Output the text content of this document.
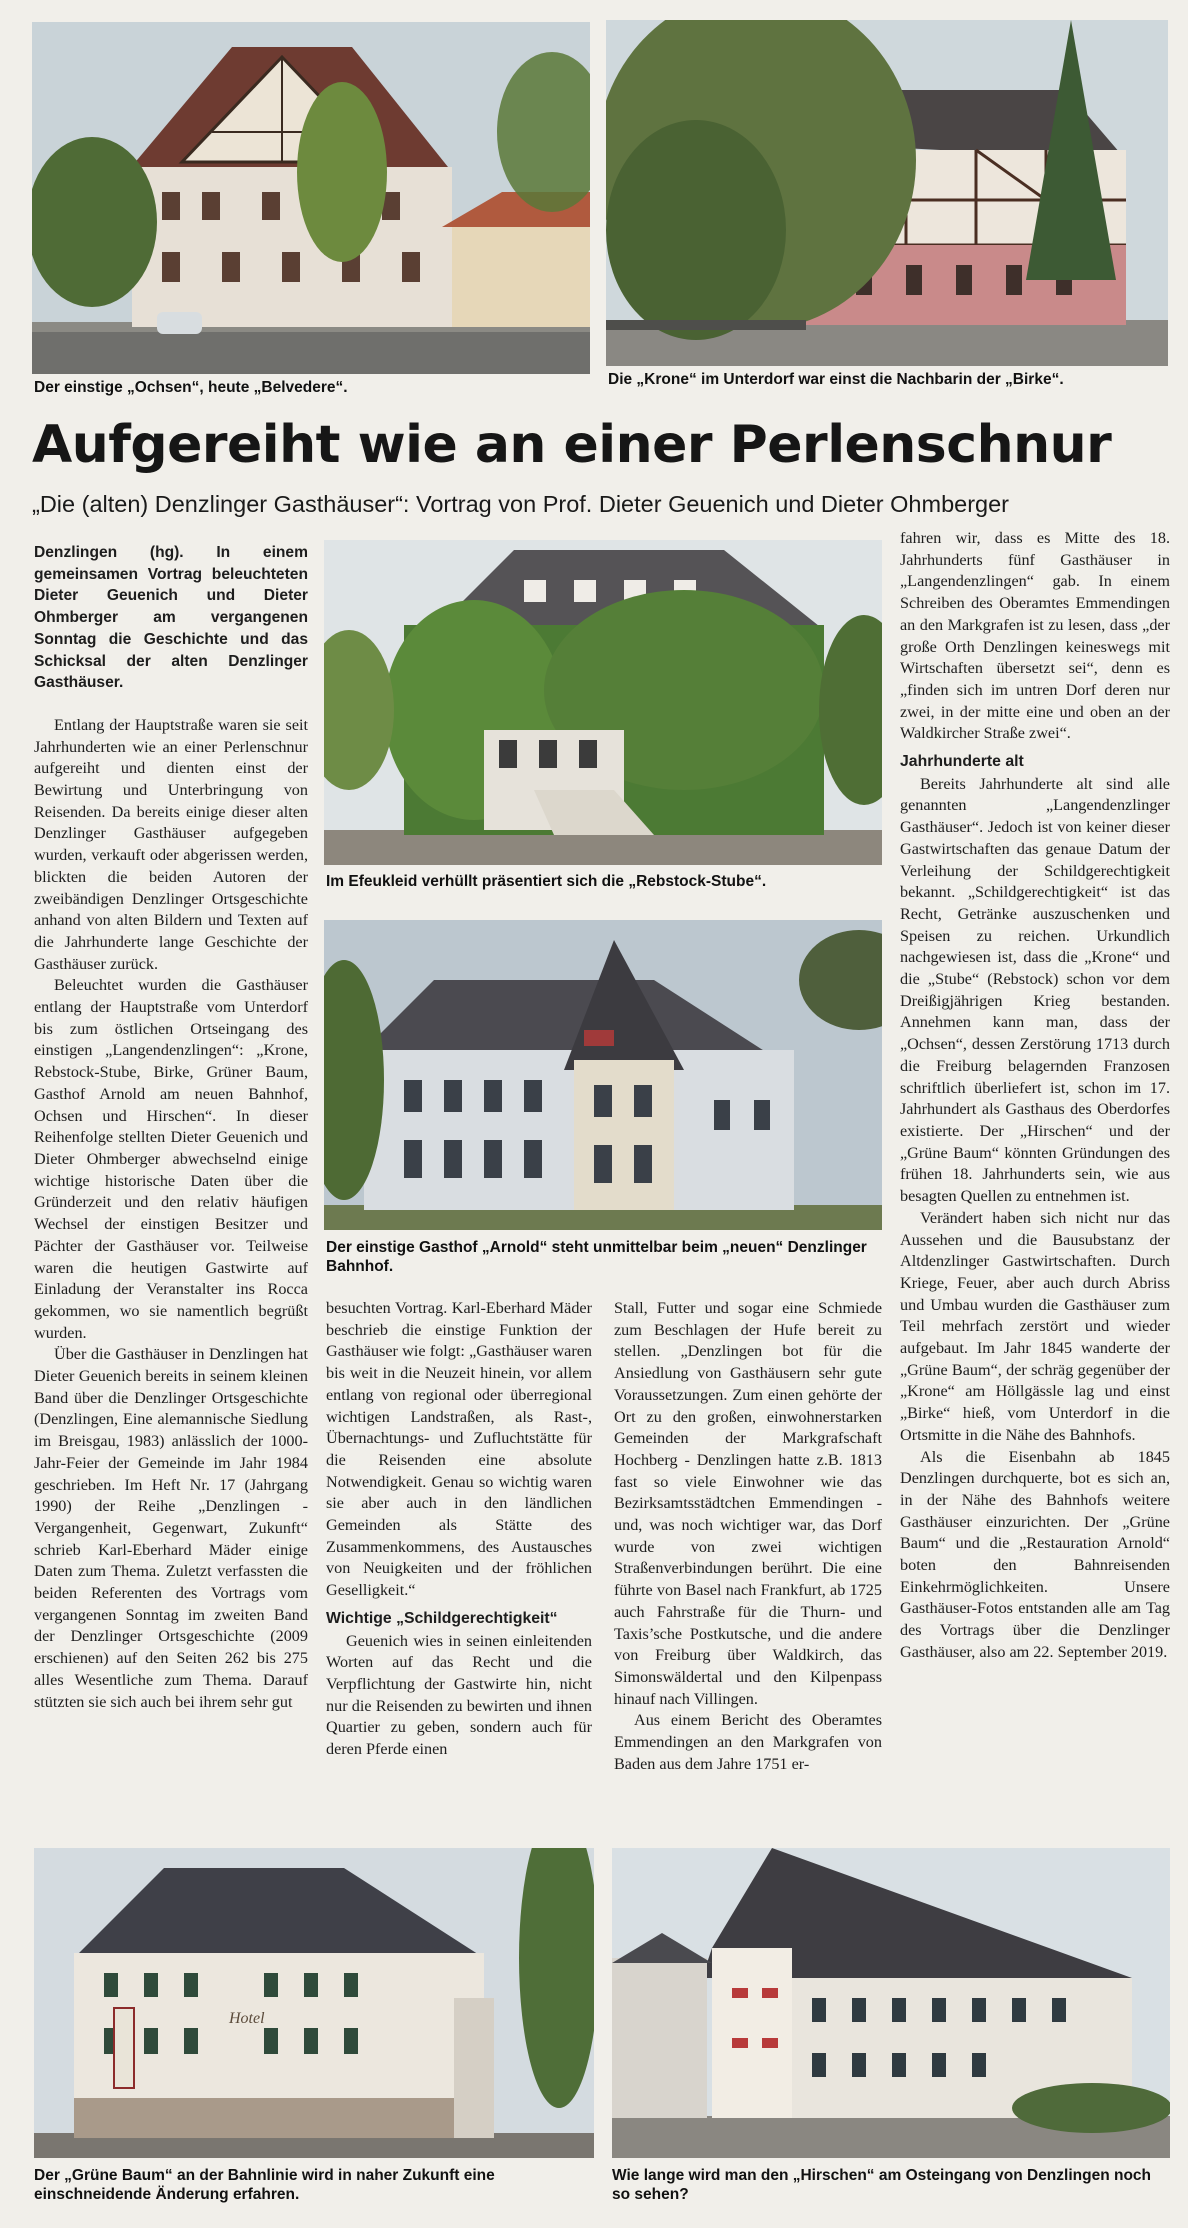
Der einstige „Ochsen“, heute „Belvedere“.	Die „Krone“ im Unterdorf war einst die Nachbarin der „Birke“.
Aufgereiht wie an einer Perlenschnur
„Die (alten) Denzlinger Gasthäuser“: Vortrag von Prof. Dieter Geuenich und Dieter Ohmberger
Im Efeukleid verhüllt präsentiert sich die „Rebstock-Stube“.
Der einstige Gasthof „Arnold“ steht unmittelbar beim „neuen“ Denzlinger Bahnhof.

Denzlingen (hg). In einem gemeinsamen Vortrag beleuchteten Dieter Geuenich und Dieter Ohmberger am vergangenen Sonntag die Geschichte und das Schicksal der alten Denzlinger Gasthäuser.

Entlang der Hauptstraße waren sie seit Jahrhunderten wie an einer Perlenschnur aufgereiht und dienten einst der Bewirtung und Unterbringung von Reisenden. Da bereits einige dieser alten Denzlinger Gasthäuser aufgegeben wurden, verkauft oder abgerissen werden, blickten die beiden Autoren der zweibändigen Denzlinger Ortsgeschichte anhand von alten Bildern und Texten auf die Jahrhunderte lange Geschichte der Gasthäuser zurück.

Beleuchtet wurden die Gasthäuser entlang der Hauptstraße vom Unterdorf bis zum östlichen Ortseingang des einstigen „Langendenzlingen“: „Krone, Rebstock-Stube, Birke, Grüner Baum, Gasthof Arnold am neuen Bahnhof, Ochsen und Hirschen“. In dieser Reihenfolge stellten Dieter Geuenich und Dieter Ohmberger abwechselnd einige wichtige historische Daten über die Gründerzeit und den relativ häufigen Wechsel der einstigen Besitzer und Pächter der Gasthäuser vor. Teilweise waren die heutigen Gastwirte auf Einladung der Veranstalter ins Rocca gekommen, wo sie namentlich begrüßt wurden.

Über die Gasthäuser in Denzlingen hat Dieter Geuenich bereits in seinem kleinen Band über die Denzlinger Ortsgeschichte (Denzlingen, Eine alemannische Siedlung im Breisgau, 1983) anlässlich der 1000-Jahr-Feier der Gemeinde im Jahr 1984 geschrieben. Im Heft Nr. 17 (Jahrgang 1990) der Reihe „Denzlingen - Vergangenheit, Gegenwart, Zukunft“ schrieb Karl-Eberhard Mäder einige Daten zum Thema. Zuletzt verfassten die beiden Referenten des Vortrags vom vergangenen Sonntag im zweiten Band der Denzlinger Ortsgeschichte (2009 erschienen) auf den Seiten 262 bis 275 alles Wesentliche zum Thema. Darauf stützten sie sich auch bei ihrem sehr gut

besuchten Vortrag. Karl-Eberhard Mäder beschrieb die einstige Funktion der Gasthäuser wie folgt: „Gasthäuser waren bis weit in die Neuzeit hinein, vor allem entlang von regional oder überregional wichtigen Landstraßen, als Rast-, Übernachtungs- und Zufluchtstätte für die Reisenden eine absolute Notwendigkeit. Genau so wichtig waren sie aber auch in den ländlichen Gemeinden als Stätte des Zusammenkommens, des Austausches von Neuigkeiten und der fröhlichen Geselligkeit.“

Wichtige „Schildgerechtigkeit“

Geuenich wies in seinen einleitenden Worten auf das Recht und die Verpflichtung der Gastwirte hin, nicht nur die Reisenden zu bewirten und ihnen Quartier zu geben, sondern auch für deren Pferde einen

Stall, Futter und sogar eine Schmiede zum Beschlagen der Hufe bereit zu stellen. „Denzlingen bot für die Ansiedlung von Gasthäusern sehr gute Voraussetzungen. Zum einen gehörte der Ort zu den großen, einwohnerstarken Gemeinden der Markgrafschaft Hochberg - Denzlingen hatte z.B. 1813 fast so viele Einwohner wie das Bezirksamtsstädtchen Emmendingen - und, was noch wichtiger war, das Dorf wurde von zwei wichtigen Straßenverbindungen berührt. Die eine führte von Basel nach Frankfurt, ab 1725 auch Fahrstraße für die Thurn- und Taxis’sche Postkutsche, und die andere von Freiburg über Waldkirch, das Simonswäldertal und den Kilpenpass hinauf nach Villingen.

Aus einem Bericht des Oberamtes Emmendingen an den Markgrafen von Baden aus dem Jahre 1751 er-

fahren wir, dass es Mitte des 18. Jahrhunderts fünf Gasthäuser in „Langendenzlingen“ gab. In einem Schreiben des Oberamtes Emmendingen an den Markgrafen ist zu lesen, dass „der große Orth Denzlingen keineswegs mit Wirtschaften übersetzt sei“, denn es „finden sich im untren Dorf deren nur zwei, in der mitte eine und oben an der Waldkircher Straße zwei“.

Jahrhunderte alt

Bereits Jahrhunderte alt sind alle genannten „Langendenzlinger Gasthäuser“. Jedoch ist von keiner dieser Gastwirtschaften das genaue Datum der Verleihung der Schildgerechtigkeit bekannt. „Schildgerechtigkeit“ ist das Recht, Getränke auszuschenken und Speisen zu reichen. Urkundlich nachgewiesen ist, dass die „Krone“ und die „Stube“ (Rebstock) schon vor dem Dreißigjährigen Krieg bestanden. Annehmen kann man, dass der „Ochsen“, dessen Zerstörung 1713 durch die Freiburg belagernden Franzosen schriftlich überliefert ist, schon im 17. Jahrhundert als Gasthaus des Oberdorfes existierte. Der „Hirschen“ und der „Grüne Baum“ könnten Gründungen des frühen 18. Jahrhunderts sein, wie aus besagten Quellen zu entnehmen ist.

Verändert haben sich nicht nur das Aussehen und die Bausubstanz der Altdenzlinger Gastwirtschaften. Durch Kriege, Feuer, aber auch durch Abriss und Umbau wurden die Gasthäuser zum Teil mehrfach zerstört und wieder aufgebaut. Im Jahr 1845 wanderte der „Grüne Baum“, der schräg gegenüber der „Krone“ am Höllgässle lag und einst „Birke“ hieß, vom Unterdorf in die Ortsmitte in die Nähe des Bahnhofs.

Als die Eisenbahn ab 1845 Denzlingen durchquerte, bot es sich an, in der Nähe des Bahnhofs weitere Gasthäuser einzurichten. Der „Grüne Baum“ und die „Restauration Arnold“ boten den Bahnreisenden Einkehrmöglichkeiten. Unsere Gasthäuser-Fotos entstanden alle am Tag des Vortrags über die Denzlinger Gasthäuser, also am 22. September 2019.

Hotel
Der „Grüne Baum“ an der Bahnlinie wird in naher Zukunft eine einschneidende Änderung erfahren.
Wie lange wird man den „Hirschen“ am Osteingang von Denzlingen noch so sehen?
